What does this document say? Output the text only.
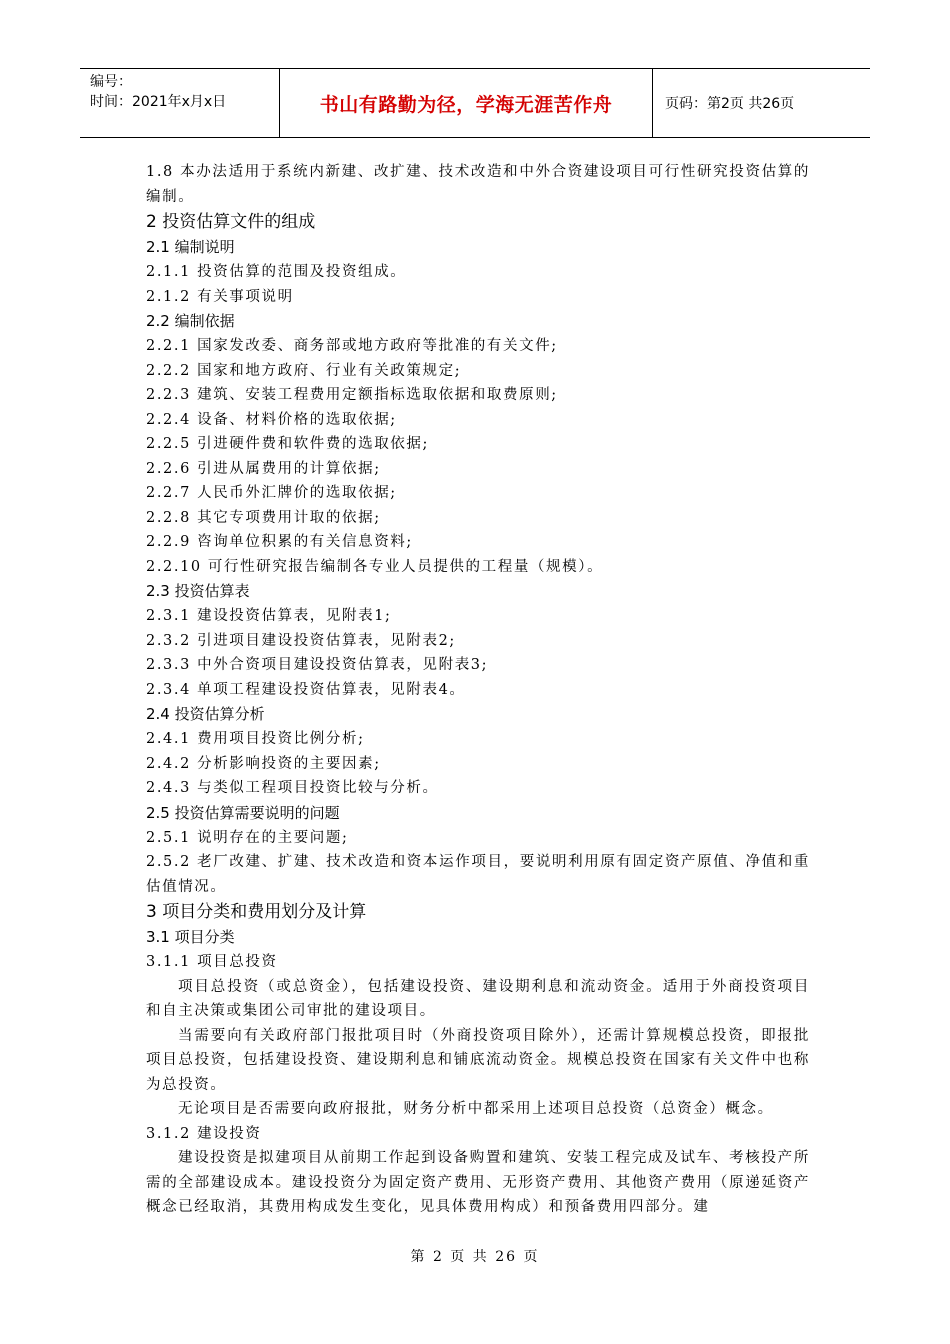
编号：
时间：2021年x月x日	书山有路勤为径，学海无涯苦作舟	页码：第2页 共26页
1.8 本办法适用于系统内新建、改扩建、技术改造和中外合资建设项目可行性研究投资估算的编制。
2 投资估算文件的组成
2.1 编制说明
2.1.1 投资估算的范围及投资组成。
2.1.2 有关事项说明
2.2 编制依据
2.2.1 国家发改委、商务部或地方政府等批准的有关文件;
2.2.2 国家和地方政府、行业有关政策规定;
2.2.3 建筑、安装工程费用定额指标选取依据和取费原则;
2.2.4 设备、材料价格的选取依据;
2.2.5 引进硬件费和软件费的选取依据;
2.2.6 引进从属费用的计算依据;
2.2.7 人民币外汇牌价的选取依据;
2.2.8 其它专项费用计取的依据;
2.2.9 咨询单位积累的有关信息资料;
2.2.10 可行性研究报告编制各专业人员提供的工程量（规模）。
2.3 投资估算表
2.3.1 建设投资估算表，见附表1;
2.3.2 引进项目建设投资估算表，见附表2;
2.3.3 中外合资项目建设投资估算表，见附表3;
2.3.4 单项工程建设投资估算表，见附表4。
2.4 投资估算分析
2.4.1 费用项目投资比例分析;
2.4.2 分析影响投资的主要因素;
2.4.3 与类似工程项目投资比较与分析。
2.5 投资估算需要说明的问题
2.5.1 说明存在的主要问题;
2.5.2 老厂改建、扩建、技术改造和资本运作项目，要说明利用原有固定资产原值、净值和重估值情况。
3 项目分类和费用划分及计算
3.1 项目分类
3.1.1 项目总投资
项目总投资（或总资金），包括建设投资、建设期利息和流动资金。适用于外商投资项目和自主决策或集团公司审批的建设项目。
当需要向有关政府部门报批项目时（外商投资项目除外），还需计算规模总投资，即报批项目总投资，包括建设投资、建设期利息和铺底流动资金。规模总投资在国家有关文件中也称为总投资。
无论项目是否需要向政府报批，财务分析中都采用上述项目总投资（总资金）概念。
3.1.2 建设投资
建设投资是拟建项目从前期工作起到设备购置和建筑、安装工程完成及试车、考核投产所需的全部建设成本。建设投资分为固定资产费用、无形资产费用、其他资产费用（原递延资产概念已经取消，其费用构成发生变化，见具体费用构成）和预备费用四部分。建
第 2 页 共 26 页
